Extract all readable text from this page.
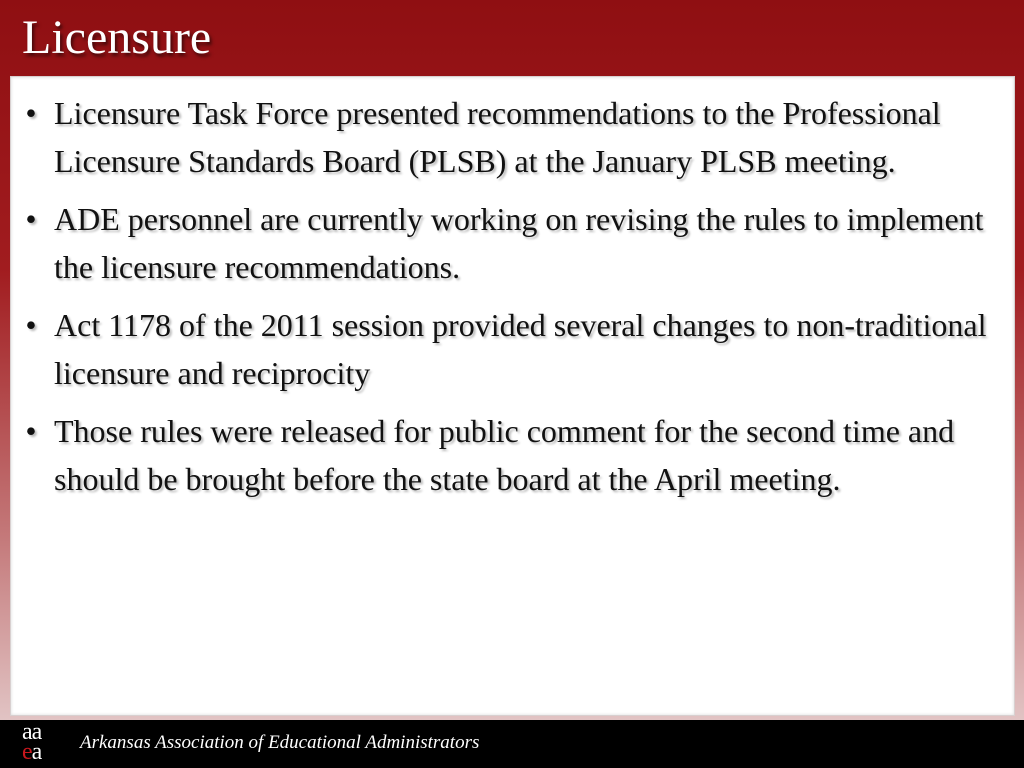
Licensure
• Licensure Task Force presented recommendations to the Professional Licensure Standards Board (PLSB) at the January PLSB meeting.
• ADE personnel are currently working on revising the rules to implement the licensure recommendations.
• Act 1178 of the 2011 session provided several changes to non-traditional licensure and reciprocity
• Those rules were released for public comment for the second time and should be brought before the state board at the April meeting.
aa
ea	Arkansas Association of Educational Administrators
